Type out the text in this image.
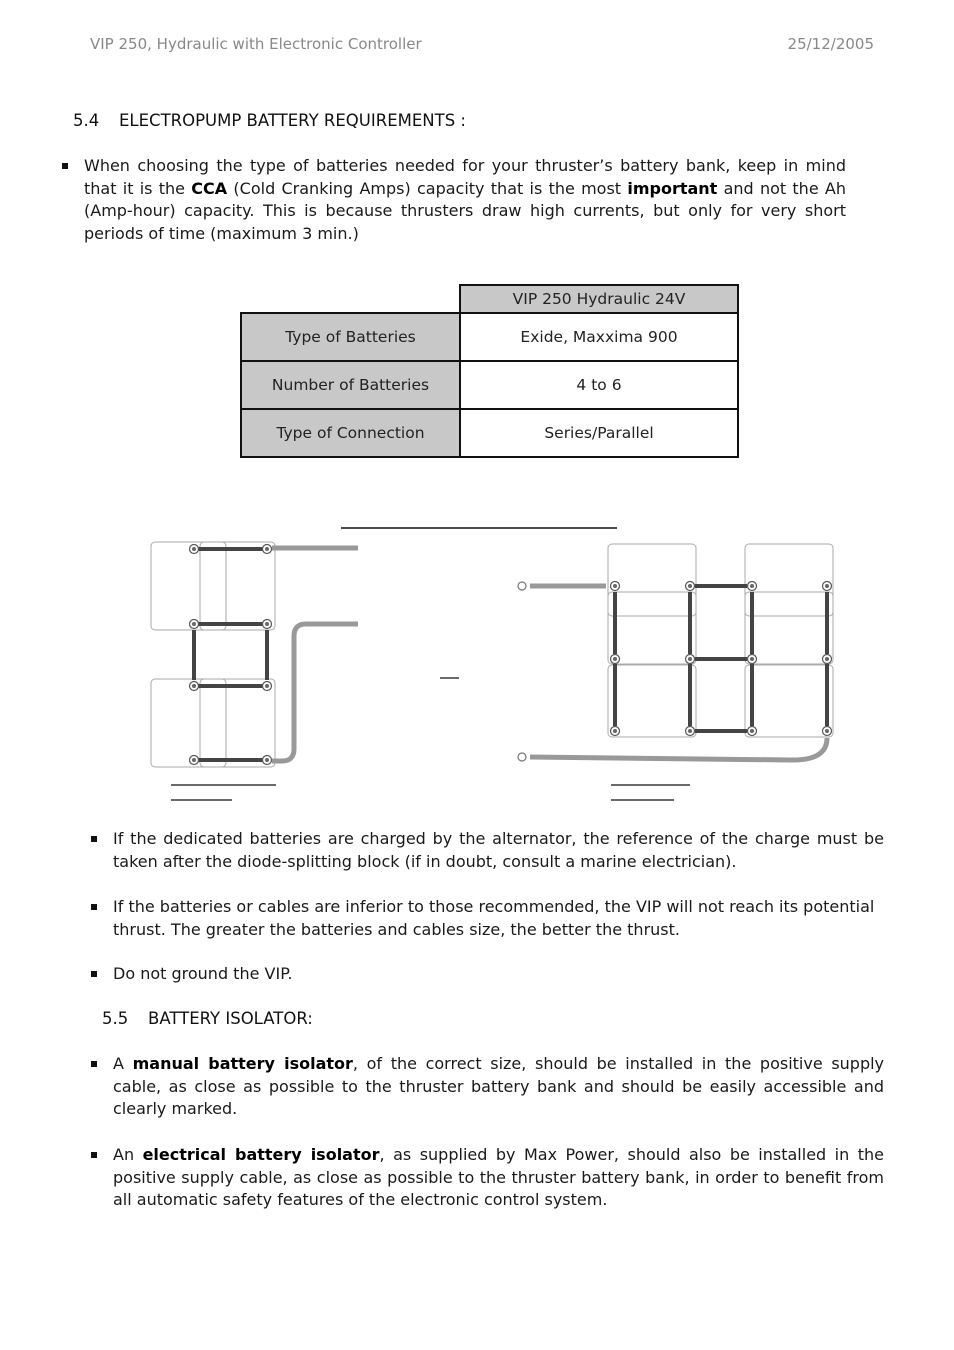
VIP 250, Hydraulic with Electronic Controller	25/12/2005
5.4 ELECTROPUMP BATTERY REQUIREMENTS :
When choosing the type of batteries needed for your thruster’s battery bank, keep in mind that it is the CCA (Cold Cranking Amps) capacity that is the most important and not the Ah (Amp-hour) capacity. This is because thrusters draw high currents, but only for very short periods of time (maximum 3 min.)
	VIP 250 Hydraulic 24V
Type of Batteries	Exide, Maxxima 900
Number of Batteries	4 to 6
Type of Connection	Series/Parallel
If the dedicated batteries are charged by the alternator, the reference of the charge must be taken after the diode-splitting block (if in doubt, consult a marine electrician).
If the batteries or cables are inferior to those recommended, the VIP will not reach its potential thrust. The greater the batteries and cables size, the better the thrust.
Do not ground the VIP.
5.5 BATTERY ISOLATOR:
A manual battery isolator, of the correct size, should be installed in the positive supply cable, as close as possible to the thruster battery bank and should be easily accessible and clearly marked.
An electrical battery isolator, as supplied by Max Power, should also be installed in the positive supply cable, as close as possible to the thruster battery bank, in order to benefit from all automatic safety features of the electronic control system.
